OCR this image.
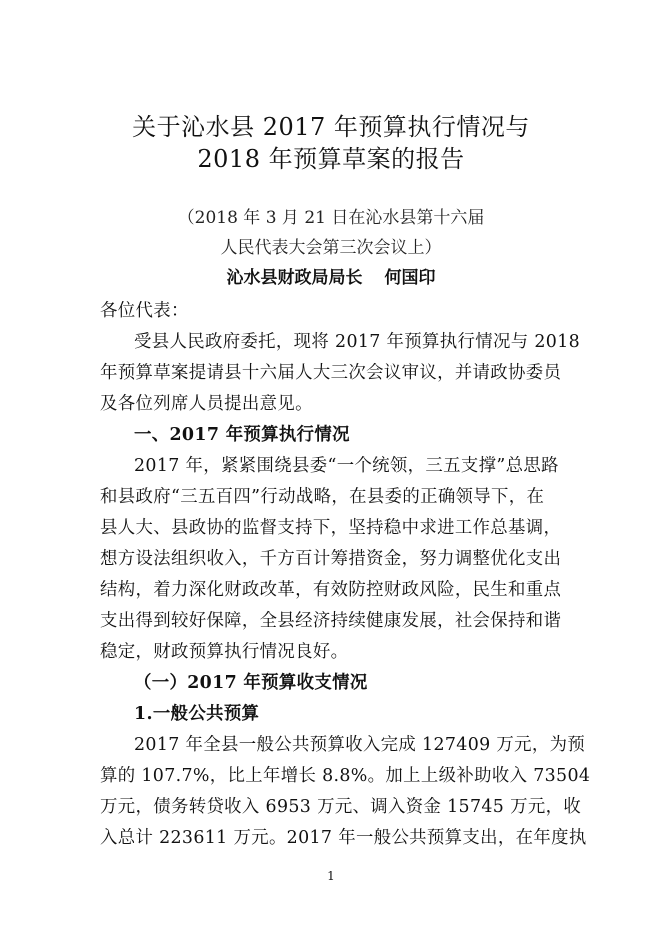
关于沁水县 2017 年预算执行情况与
2018 年预算草案的报告
（2018 年 3 月 21 日在沁水县第十六届
人民代表大会第三次会议上）
沁水县财政局局长 何国印
各位代表：
受县人民政府委托，现将 2017 年预算执行情况与 2018
年预算草案提请县十六届人大三次会议审议，并请政协委员
及各位列席人员提出意见。
一、2017 年预算执行情况
2017 年，紧紧围绕县委“一个统领，三五支撑”总思路
和县政府“三五百四”行动战略，在县委的正确领导下，在
县人大、县政协的监督支持下，坚持稳中求进工作总基调，
想方设法组织收入，千方百计筹措资金，努力调整优化支出
结构，着力深化财政改革，有效防控财政风险，民生和重点
支出得到较好保障，全县经济持续健康发展，社会保持和谐
稳定，财政预算执行情况良好。
（一）2017 年预算收支情况
1.一般公共预算
2017 年全县一般公共预算收入完成 127409 万元，为预
算的 107.7%，比上年增长 8.8%。加上上级补助收入 73504
万元，债务转贷收入 6953 万元、调入资金 15745 万元，收
入总计 223611 万元。2017 年一般公共预算支出，在年度执
1
